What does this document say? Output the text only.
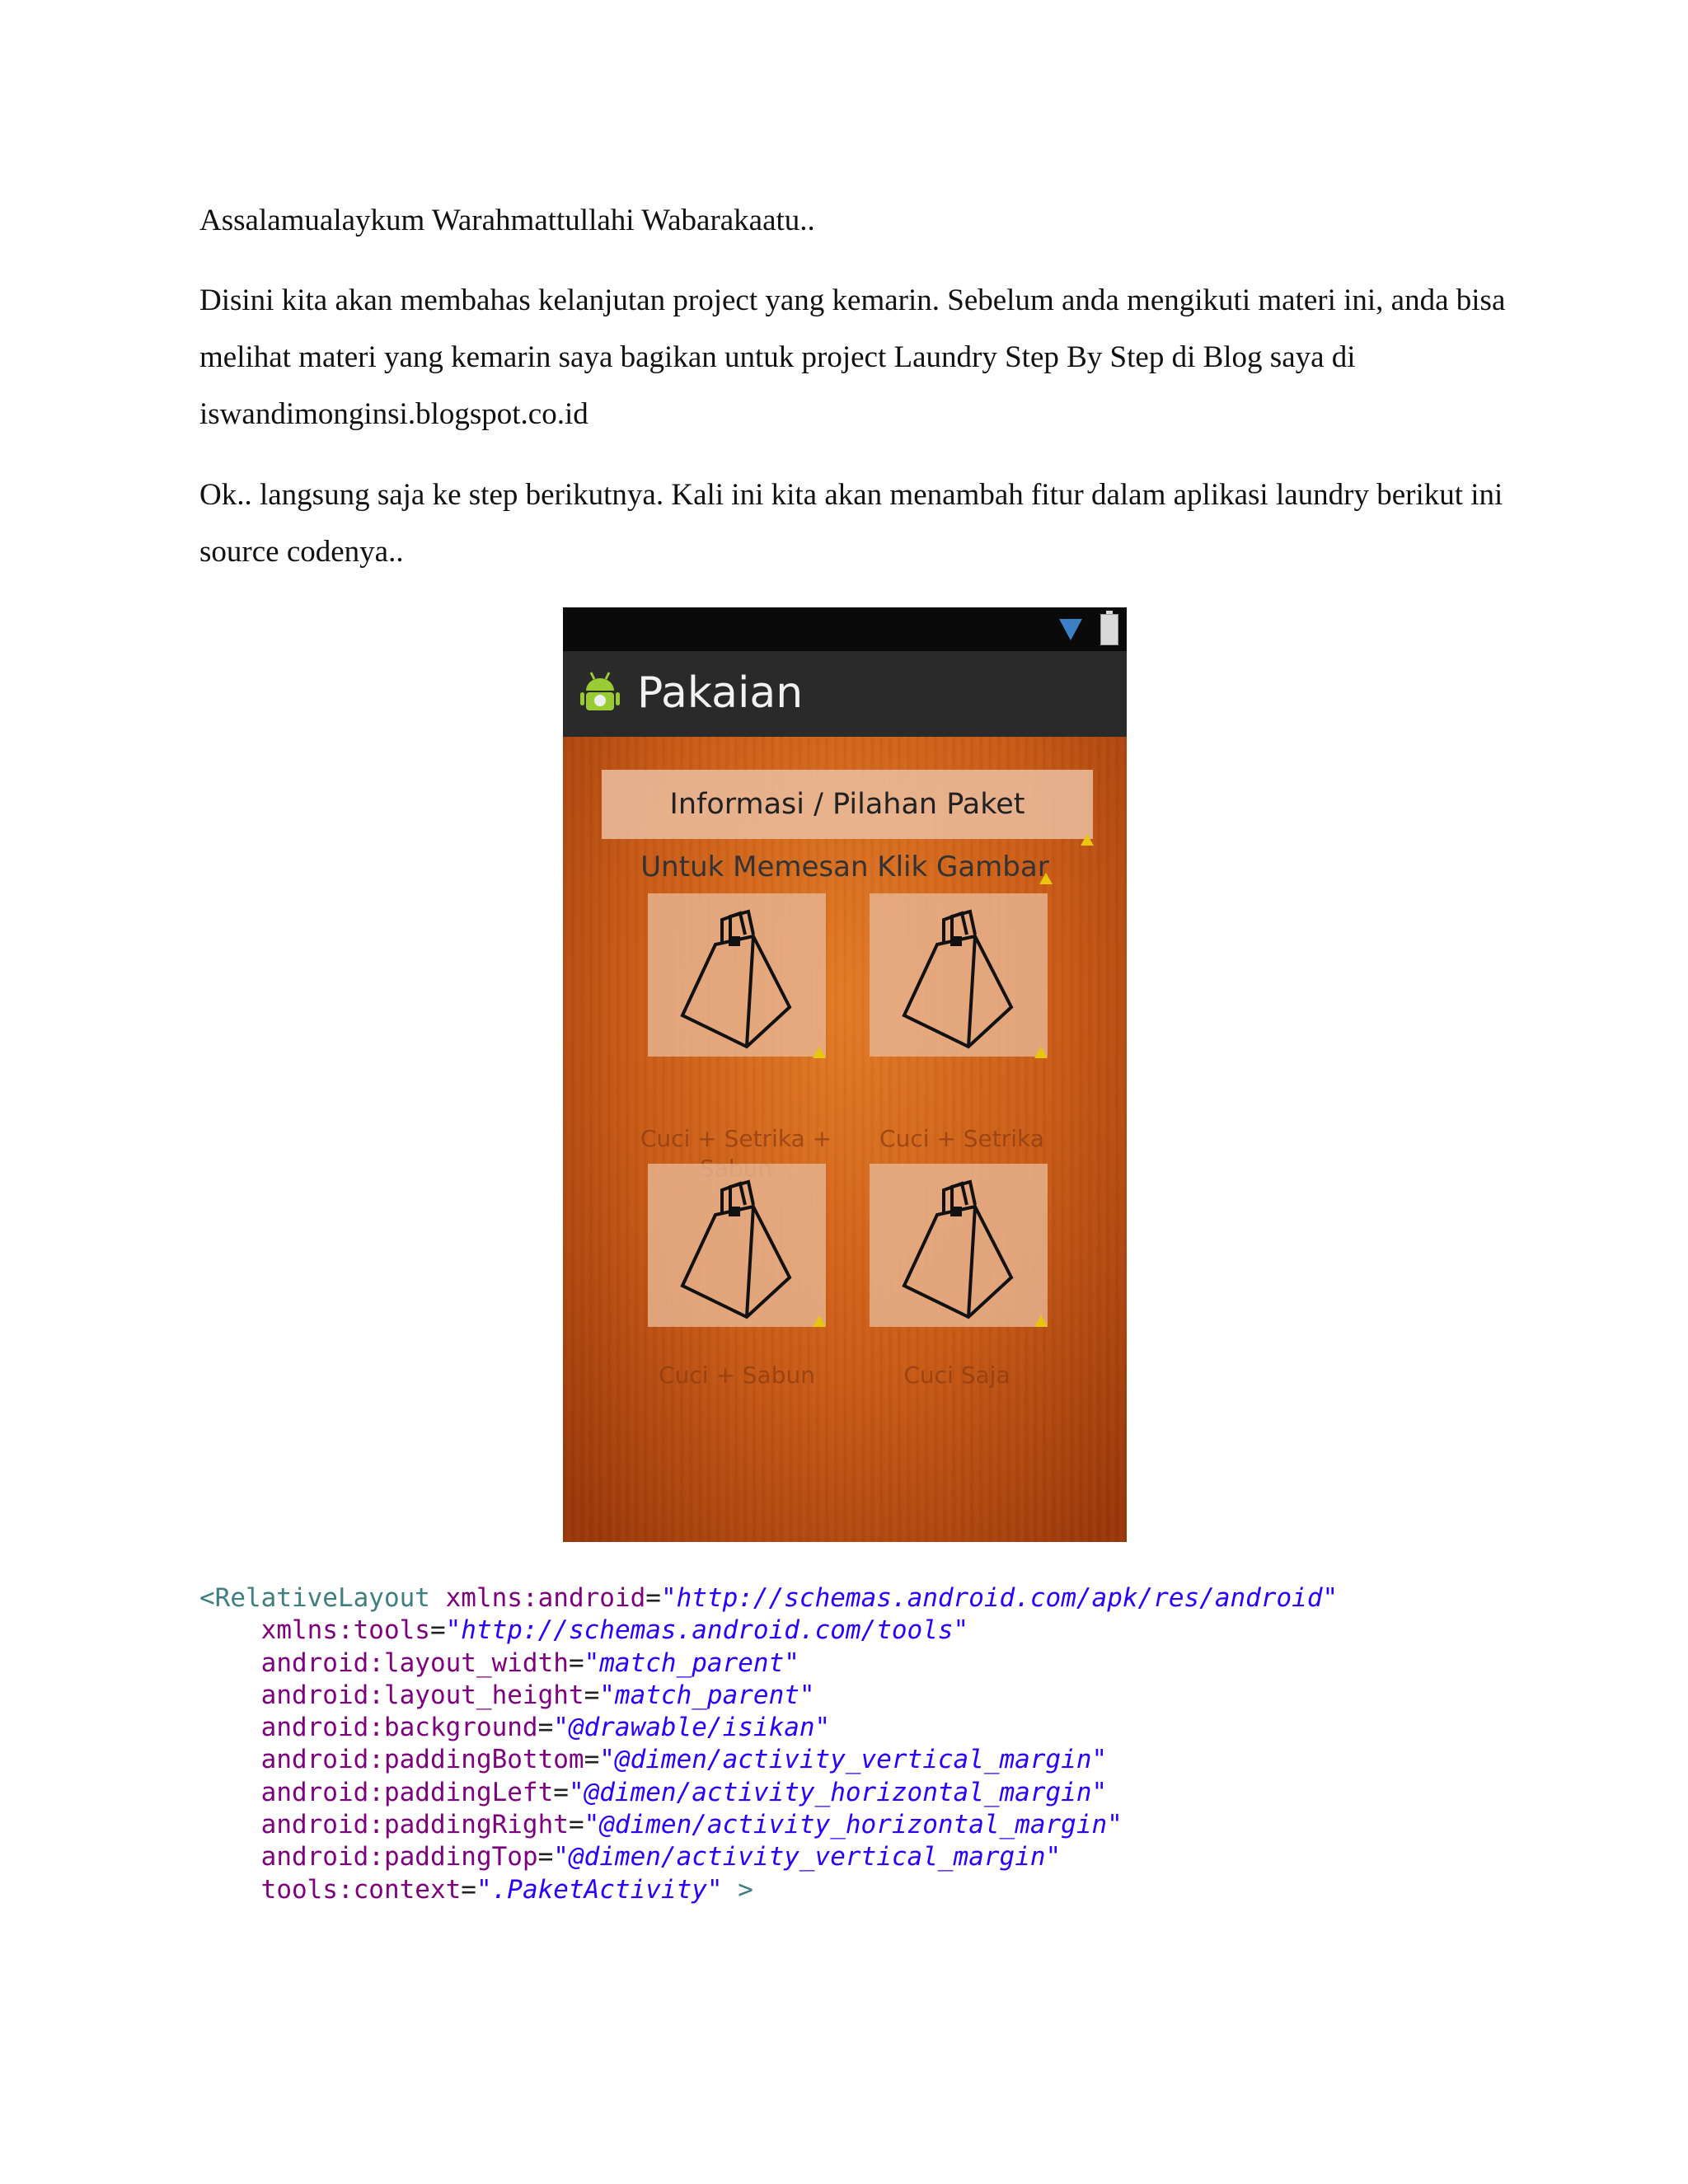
Assalamualaykum Warahmattullahi Wabarakaatu..

Disini kita akan membahas kelanjutan project yang kemarin. Sebelum anda mengikuti materi ini, anda bisa melihat materi yang kemarin saya bagikan untuk project Laundry Step By Step di Blog saya di iswandimonginsi.blogspot.co.id

Ok.. langsung saja ke step berikutnya. Kali ini kita akan menambah fitur dalam aplikasi laundry berikut ini source codenya..

Pakaian
Informasi / Pilahan Paket
Untuk Memesan Klik Gambar
Cuci + Setrika +	Cuci + Setrika
Cuci + Sabun	Cuci Saja
<RelativeLayout xmlns:android="http://schemas.android.com/apk/res/android"
xmlns:tools="http://schemas.android.com/tools"
android:layout_width="match_parent"
android:layout_height="match_parent"
android:background="@drawable/isikan"
android:paddingBottom="@dimen/activity_vertical_margin"
android:paddingLeft="@dimen/activity_horizontal_margin"
android:paddingRight="@dimen/activity_horizontal_margin"
android:paddingTop="@dimen/activity_vertical_margin"
tools:context=".PaketActivity" >
